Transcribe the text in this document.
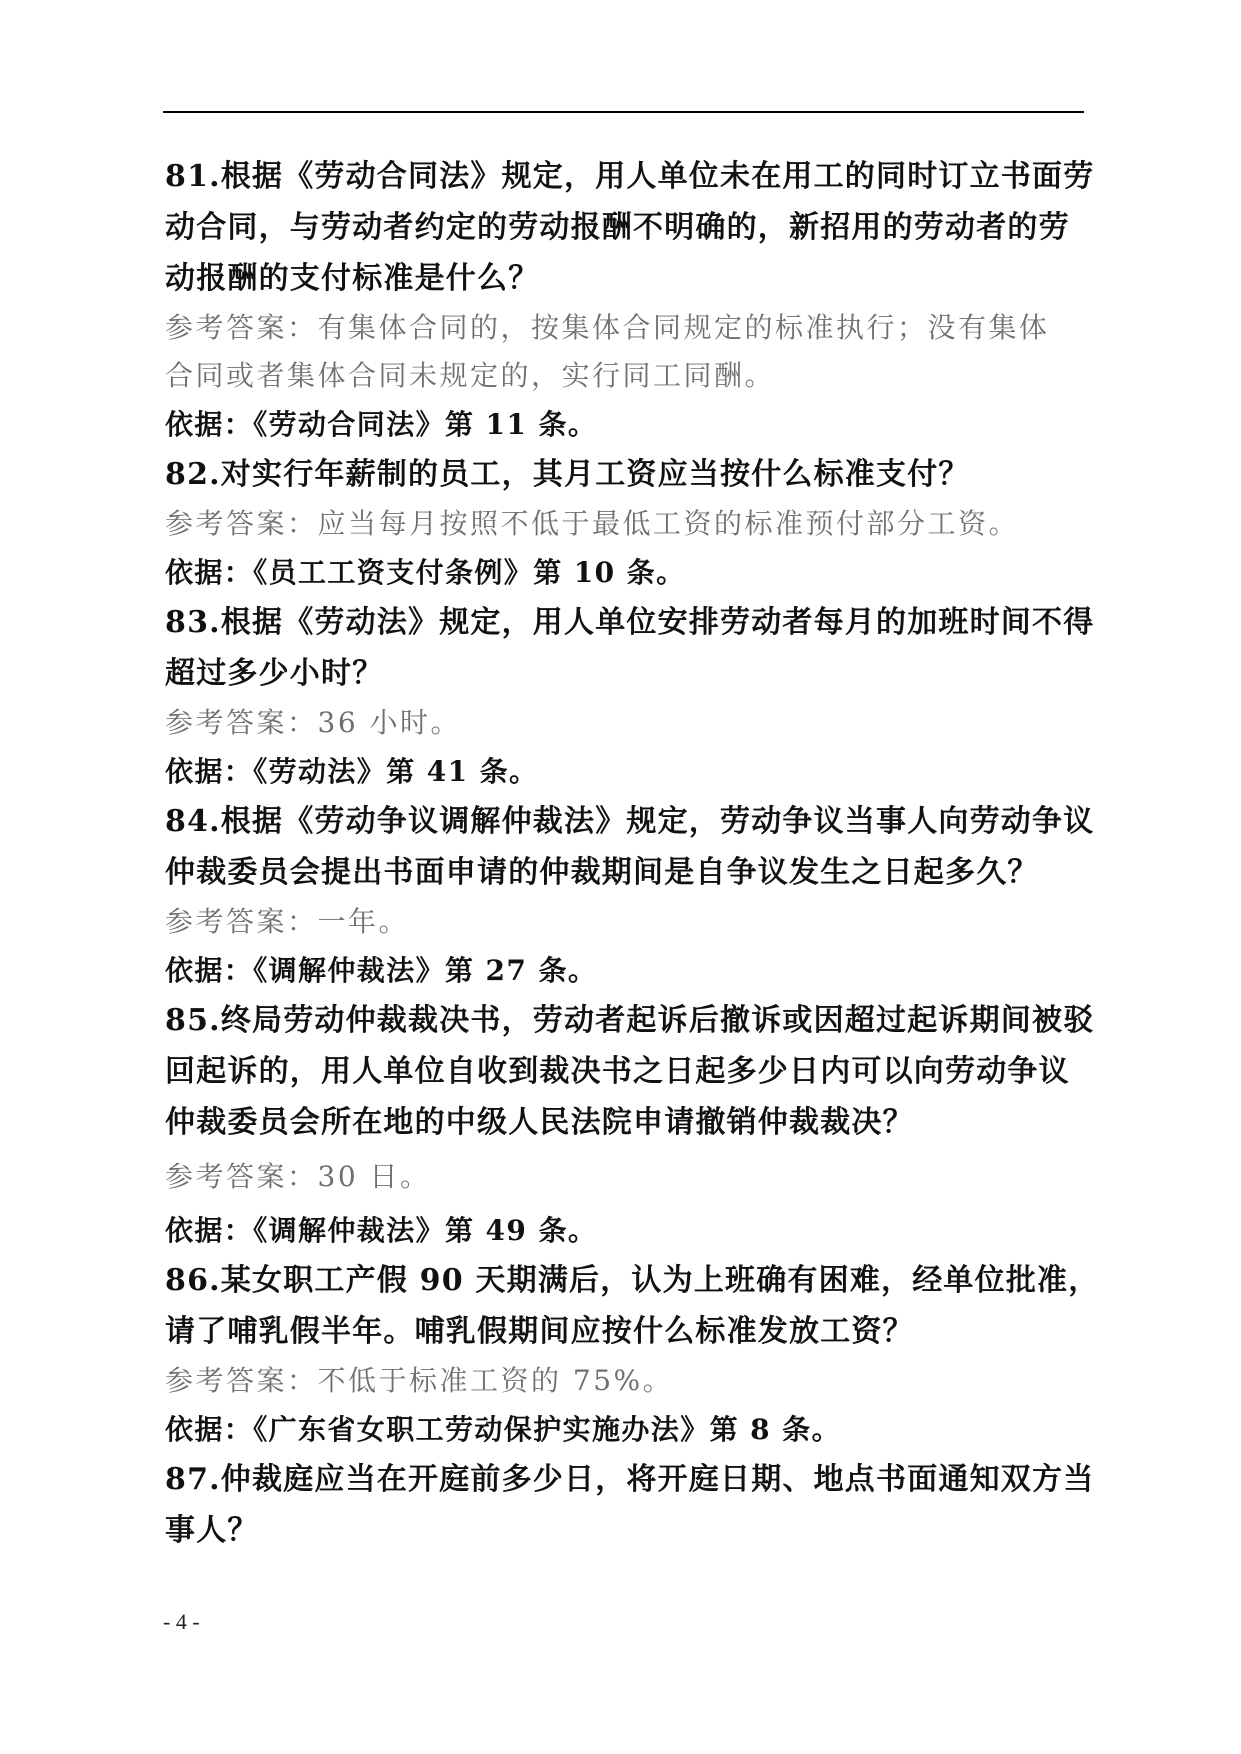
81.根据《劳动合同法》规定，用人单位未在用工的同时订立书面劳

动合同，与劳动者约定的劳动报酬不明确的，新招用的劳动者的劳

动报酬的支付标准是什么？

参考答案：有集体合同的，按集体合同规定的标准执行；没有集体

合同或者集体合同未规定的，实行同工同酬。

依据：《劳动合同法》第 11 条。

82.对实行年薪制的员工，其月工资应当按什么标准支付？

参考答案：应当每月按照不低于最低工资的标准预付部分工资。

依据：《员工工资支付条例》第 10 条。

83.根据《劳动法》规定，用人单位安排劳动者每月的加班时间不得

超过多少小时？

参考答案：36 小时。

依据：《劳动法》第 41 条。

84.根据《劳动争议调解仲裁法》规定，劳动争议当事人向劳动争议

仲裁委员会提出书面申请的仲裁期间是自争议发生之日起多久？

参考答案：一年。

依据：《调解仲裁法》第 27 条。

85.终局劳动仲裁裁决书，劳动者起诉后撤诉或因超过起诉期间被驳

回起诉的，用人单位自收到裁决书之日起多少日内可以向劳动争议

仲裁委员会所在地的中级人民法院申请撤销仲裁裁决？

参考答案：30 日。

依据：《调解仲裁法》第 49 条。

86.某女职工产假 90 天期满后，认为上班确有困难，经单位批准，

请了哺乳假半年。哺乳假期间应按什么标准发放工资？

参考答案：不低于标准工资的 75%。

依据：《广东省女职工劳动保护实施办法》第 8 条。

87.仲裁庭应当在开庭前多少日，将开庭日期、地点书面通知双方当

事人？

- 4 -
